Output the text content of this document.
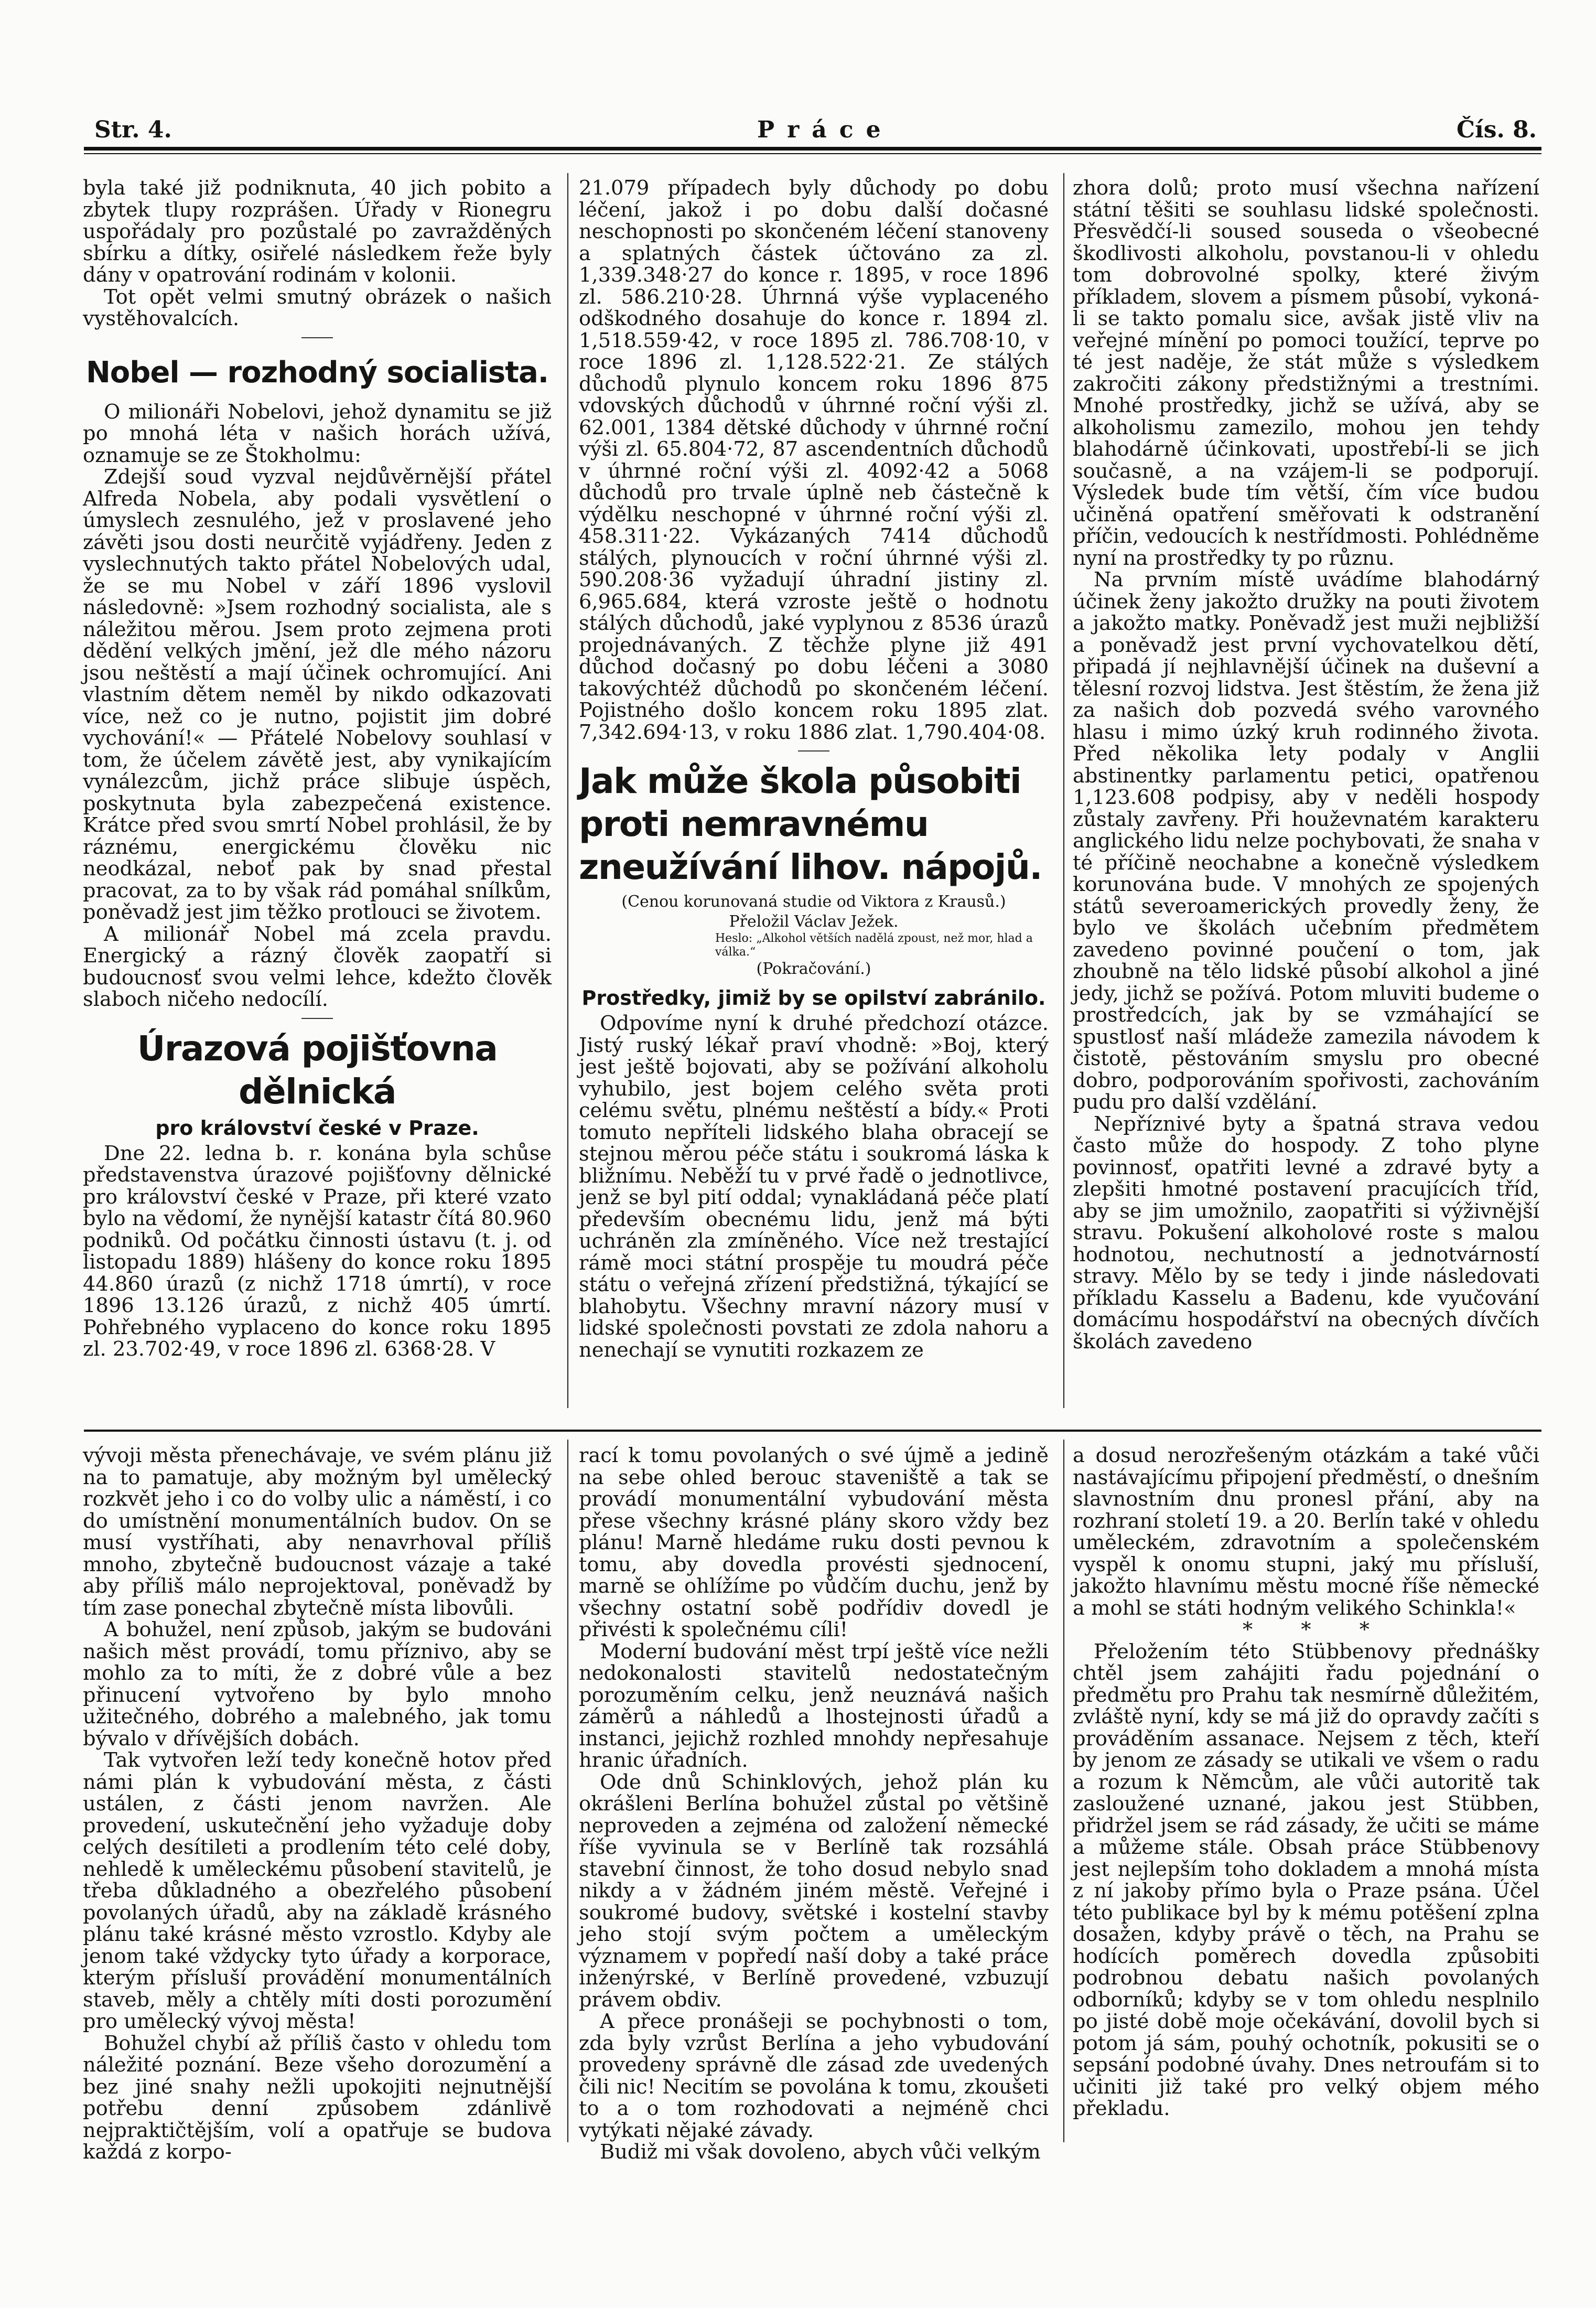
Str. 4.	Práce	Čís. 8.

byla také již podniknuta, 40 jich pobito a zbytek tlupy rozprášen. Úřady v Rionegru uspořádaly pro pozůstalé po zavražděných sbírku a dítky, osiřelé následkem řeže byly dány v opatrování rodinám v kolonii.

Tot opět velmi smutný obrázek o našich vystěhovalcích.

Nobel — rozhodný socialista.

O milionáři Nobelovi, jehož dynamitu se již po mnohá léta v našich horách užívá, oznamuje se ze Štokholmu:

Zdejší soud vyzval nejdůvěrnější přátel Alfreda Nobela, aby podali vysvětlení o úmyslech zesnulého, jež v proslavené jeho závěti jsou dosti neurčitě vyjádřeny. Jeden z vyslechnutých takto přátel Nobelových udal, že se mu Nobel v září 1896 vyslovil následovně: »Jsem rozhodný socialista, ale s náležitou měrou. Jsem proto zejmena proti dědění velkých jmění, jež dle mého názoru jsou neštěstí a mají účinek ochromující. Ani vlastním dětem neměl by nikdo odkazovati více, než co je nutno, pojistit jim dobré vychování!« — Přátelé Nobelovy souhlasí v tom, že účelem závětě jest, aby vynikajícím vynálezcům, jichž práce slibuje úspěch, poskytnuta byla zabezpečená existence. Krátce před svou smrtí Nobel prohlásil, že by ráznému, energickému člověku nic neodkázal, neboť pak by snad přestal pracovat, za to by však rád pomáhal snílkům, poněvadž jest jim těžko protlouci se životem.

A milionář Nobel má zcela pravdu. Energický a rázný člověk zaopatří si budoucnosť svou velmi lehce, kdežto člověk slaboch ničeho nedocílí.

Úrazová pojišťovna dělnická
pro království české v Praze.

Dne 22. ledna b. r. konána byla schůse představenstva úrazové pojišťovny dělnické pro království české v Praze, při které vzato bylo na vědomí, že nynější katastr čítá 80.960 podniků. Od počátku činnosti ústavu (t. j. od listopadu 1889) hlášeny do konce roku 1895 44.860 úrazů (z nichž 1718 úmrtí), v roce 1896 13.126 úrazů, z nichž 405 úmrtí. Pohřebného vyplaceno do konce roku 1895 zl. 23.702·49, v roce 1896 zl. 6368·28. V

21.079 případech byly důchody po dobu léčení, jakož i po dobu další dočasné neschopnosti po skončeném léčení stanoveny a splatných částek účtováno za zl. 1,339.348·27 do konce r. 1895, v roce 1896 zl. 586.210·28. Úhrnná výše vyplaceného odškodného dosahuje do konce r. 1894 zl. 1,518.559·42, v roce 1895 zl. 786.708·10, v roce 1896 zl. 1,128.522·21. Ze stálých důchodů plynulo koncem roku 1896 875 vdovských důchodů v úhrnné roční výši zl. 62.001, 1384 dětské důchody v úhrnné roční výši zl. 65.804·72, 87 ascendentních důchodů v úhrnné roční výši zl. 4092·42 a 5068 důchodů pro trvale úplně neb částečně k výdělku neschopné v úhrnné roční výši zl. 458.311·22. Vykázaných 7414 důchodů stálých, plynoucích v roční úhrnné výši zl. 590.208·36 vyžadují úhradní jistiny zl. 6,965.684, která vzroste ještě o hodnotu stálých důchodů, jaké vyplynou z 8536 úrazů projednávaných. Z těchže plyne již 491 důchod dočasný po dobu léčeni a 3080 takovýchtéž důchodů po skončeném léčení. Pojistného došlo koncem roku 1895 zlat. 7,342.694·13, v roku 1886 zlat. 1,790.404·08.

Jak může škola působiti proti nemravnému zneužívání lihov. nápojů.

(Cenou korunovaná studie od Viktora z Krausů.)

Přeložil Václav Ježek.

Heslo: „Alkohol větších nadělá zpoust, než mor, hlad a válka.“

(Pokračování.)

Prostředky, jimiž by se opilství zabránilo.

Odpovíme nyní k druhé předchozí otázce. Jistý ruský lékař praví vhodně: »Boj, který jest ještě bojovati, aby se požívání alkoholu vyhubilo, jest bojem celého světa proti celému světu, plnému neštěstí a bídy.« Proti tomuto nepříteli lidského blaha obracejí se stejnou měrou péče státu i soukromá láska k bližnímu. Neběží tu v prvé řadě o jednotlivce, jenž se byl pití oddal; vynakládaná péče platí především obecnému lidu, jenž má býti uchráněn zla zmíněného. Více než trestající rámě moci státní prospěje tu moudrá péče státu o veřejná zřízení předstižná, týkající se blahobytu. Všechny mravní názory musí v lidské společnosti povstati ze zdola nahoru a nenechají se vynutiti rozkazem ze

zhora dolů; proto musí všechna nařízení státní těšiti se souhlasu lidské společnosti. Přesvědčí-li soused souseda o všeobecné škodlivosti alkoholu, povstanou-li v ohledu tom dobrovolné spolky, které živým příkladem, slovem a písmem působí, vykoná-li se takto pomalu sice, avšak jistě vliv na veřejné mínění po pomoci toužící, teprve po té jest naděje, že stát může s výsledkem zakročiti zákony předstižnými a trestními. Mnohé prostředky, jichž se užívá, aby se alkoholismu zamezilo, mohou jen tehdy blahodárně účinkovati, upostřebí-li se jich současně, a na vzájem-li se podporují. Výsledek bude tím větší, čím více budou učiněná opatření směřovati k odstranění příčin, vedoucích k nestřídmosti. Pohlédněme nyní na prostředky ty po různu.

Na prvním místě uvádíme blahodárný účinek ženy jakožto družky na pouti životem a jakožto matky. Poněvadž jest muži nejbližší a poněvadž jest první vychovatelkou dětí, připadá jí nejhlavnější účinek na duševní a tělesní rozvoj lidstva. Jest štěstím, že žena již za našich dob pozvedá svého varovného hlasu i mimo úzký kruh rodinného života. Před několika lety podaly v Anglii abstinentky parlamentu petici, opatřenou 1,123.608 podpisy, aby v neděli hospody zůstaly zavřeny. Při houževnatém karakteru anglického lidu nelze pochybovati, že snaha v té příčině neochabne a konečně výsledkem korunována bude. V mnohých ze spojených států severoamerických provedly ženy, že bylo ve školách učebním předmětem zavedeno povinné poučení o tom, jak zhoubně na tělo lidské působí alkohol a jiné jedy, jichž se požívá. Potom mluviti budeme o prostředcích, jak by se vzmáhající se spustlosť naší mládeže zamezila návodem k čistotě, pěstováním smyslu pro obecné dobro, podporováním spořivosti, zachováním pudu pro další vzdělání.

Nepříznivé byty a špatná strava vedou často může do hospody. Z toho plyne povinnosť, opatřiti levné a zdravé byty a zlepšiti hmotné postavení pracujících tříd, aby se jim umožnilo, zaopatřiti si výživnější stravu. Pokušení alkoholové roste s malou hodnotou, nechutností a jednotvárností stravy. Mělo by se tedy i jinde následovati příkladu Kasselu a Badenu, kde vyučování domácímu hospodářství na obecných dívčích školách zavedeno

vývoji města přenechávaje, ve svém plánu již na to pamatuje, aby možným byl umělecký rozkvět jeho i co do volby ulic a náměstí, i co do umístnění monumentálních budov. On se musí vystříhati, aby nenavrhoval příliš mnoho, zbytečně budoucnost vázaje a také aby příliš málo neprojektoval, poněvadž by tím zase ponechal zbytečně místa libovůli.

A bohužel, není způsob, jakým se budováni našich měst provádí, tomu příznivo, aby se mohlo za to míti, že z dobré vůle a bez přinucení vytvořeno by bylo mnoho užitečného, dobrého a malebného, jak tomu bývalo v dřívějších dobách.

Tak vytvořen leží tedy konečně hotov před námi plán k vybudování města, z části ustálen, z části jenom navržen. Ale provedení, uskutečnění jeho vyžaduje doby celých desítileti a prodlením této celé doby, nehledě k uměleckému působení stavitelů, je třeba důkladného a obezřelého působení povolaných úřadů, aby na základě krásného plánu také krásné město vzrostlo. Kdyby ale jenom také vždycky tyto úřady a korporace, kterým přísluší provádění monumentálních staveb, měly a chtěly míti dosti porozumění pro umělecký vývoj města!

Bohužel chybí až příliš často v ohledu tom náležité poznání. Beze všeho dorozumění a bez jiné snahy nežli upokojiti nejnutnější potřebu denní způsobem zdánlivě nejpraktičtějším, volí a opatřuje se budova každá z korpo-

rací k tomu povolaných o své újmě a jedině na sebe ohled berouc staveniště a tak se provádí monumentální vybudování města přese všechny krásné plány skoro vždy bez plánu! Marně hledáme ruku dosti pevnou k tomu, aby dovedla provésti sjednocení, marně se ohlížíme po vůdčím duchu, jenž by všechny ostatní sobě podřídiv dovedl je přivésti k společnému cíli!

Moderní budování měst trpí ještě více nežli nedokonalosti stavitelů nedostatečným porozuměním celku, jenž neuznává našich záměrů a náhledů a lhostejnosti úřadů a instanci, jejichž rozhled mnohdy nepřesahuje hranic úřadních.

Ode dnů Schinklových, jehož plán ku okrášleni Berlína bohužel zůstal po většině neproveden a zejména od založení německé říše vyvinula se v Berlíně tak rozsáhlá stavební činnost, že toho dosud nebylo snad nikdy a v žádném jiném městě. Veřejné i soukromé budovy, světské i kostelní stavby jeho stojí svým počtem a uměleckým významem v popředí naší doby a také práce inženýrské, v Berlíně provedené, vzbuzují právem obdiv.

A přece pronášeji se pochybnosti o tom, zda byly vzrůst Berlína a jeho vybudování provedeny správně dle zásad zde uvedených čili nic! Necitím se povolána k tomu, zkoušeti to a o tom rozhodovati a nejméně chci vytýkati nějaké závady.

Budiž mi však dovoleno, abych vůči velkým

a dosud nerozřešeným otázkám a také vůči nastávajícímu připojení předměstí, o dnešním slavnostním dnu pronesl přání, aby na rozhraní století 19. a 20. Berlín také v ohledu uměleckém, zdravotním a společenském vyspěl k onomu stupni, jaký mu přísluší, jakožto hlavnímu městu mocné říše německé a mohl se státi hodným velikého Schinkla!«

* * *

Přeložením této Stübbenovy přednášky chtěl jsem zahájiti řadu pojednání o předmětu pro Prahu tak nesmírně důležitém, zvláště nyní, kdy se má již do opravdy začíti s prováděním assanace. Nejsem z těch, kteří by jenom ze zásady se utikali ve všem o radu a rozum k Němcům, ale vůči autoritě tak zasloužené uznané, jakou jest Stübben, přidržel jsem se rád zásady, že učiti se máme a můžeme stále. Obsah práce Stübbenovy jest nejlepším toho dokladem a mnohá místa z ní jakoby přímo byla o Praze psána. Účel této publikace byl by k mému potěšení zplna dosažen, kdyby právě o těch, na Prahu se hodících poměrech dovedla způsobiti podrobnou debatu našich povolaných odborníků; kdyby se v tom ohledu nesplnilo po jisté době moje očekávání, dovolil bych si potom já sám, pouhý ochotník, pokusiti se o sepsání podobné úvahy. Dnes netroufám si to učiniti již také pro velký objem mého překladu.
